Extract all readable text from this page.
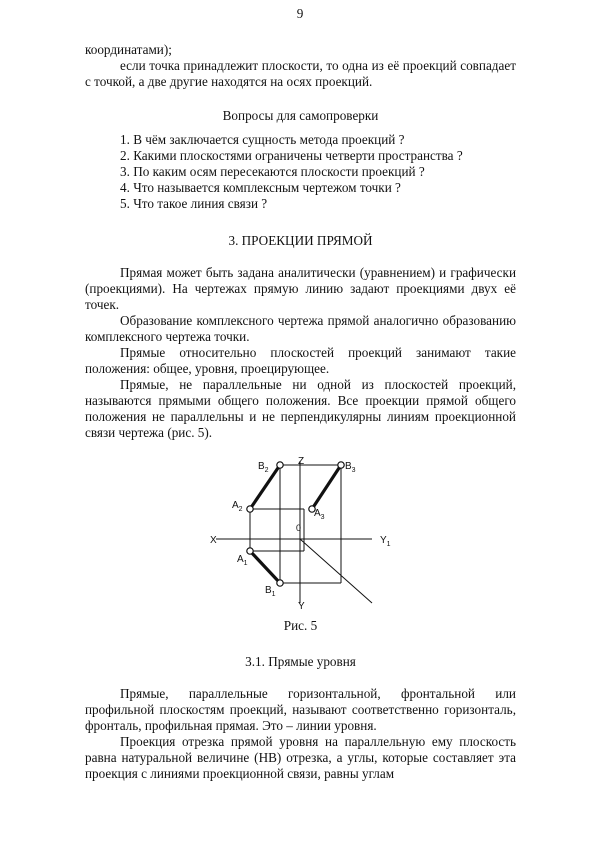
9
координатами);
если точка принадлежит плоскости, то одна из её проекций совпадает с точкой, а две другие находятся на осях проекций.
Вопросы для самопроверки

1. В чём заключается сущность метода проекций ?

2. Какими плоскостями ограничены четверти пространства ?

3. По каким осям пересекаются плоскости проекций ?

4. Что называется комплексным чертежом точки ?

5. Что такое линия связи ?

3. ПРОЕКЦИИ ПРЯМОЙ
Прямая может быть задана аналитически (уравнением) и графически (проекциями). На чертежах прямую линию задают проекциями двух её точек.
Образование комплексного чертежа прямой аналогично образованию комплексного чертежа точки.
Прямые относительно плоскостей проекций занимают такие положения: общее, уровня, проецирующее.
Прямые, не параллельные ни одной из плоскостей проекций, называются прямыми общего положения. Все проекции прямой общего положения не параллельны и не перпендикулярны линиям проекционной связи чертежа (рис. 5).
$B_2$
Z	$B_3$
$A_2$	$A_3$
0
X	$Y_1$
$A_1$
$B_1$
Y
Рис. 5
3.1. Прямые уровня
Прямые, параллельные горизонтальной, фронтальной или профильной плоскостям проекций, называют соответственно горизонталь, фронталь, профильная прямая. Это – линии уровня.
Проекция отрезка прямой уровня на параллельную ему плоскость равна натуральной величине (НВ) отрезка, а углы, которые составляет эта проекция с линиями проекционной связи, равны углам
